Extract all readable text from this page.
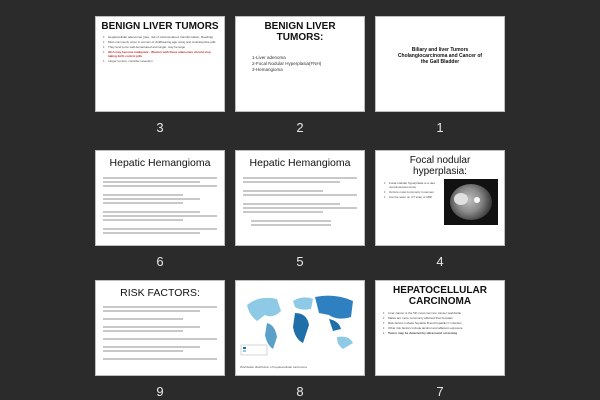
BENIGN LIVER TUMORS
• Hepatocellular adenomas (rare, risk of carcinomatous transformation; bleeding)
• Most commonly occur in women of childbearing age using oral contraceptive pills
• They tend to be well demarcated and single; may be large
• HCA may become malignant - Women with these adenomas should stop taking birth control pills
• Larger tumors; consider resection
3
BENIGN LIVER TUMORS:
1-Liver adenoma
2-Focal Nodular Hyperplasia(FNH)
3-Hemangioma
2
Biliary and liver Tumors Cholangiocarcinoma and Cancer of the Gall Bladder
1
Hepatic Hemangioma
6
Hepatic Hemangioma
5
Focal nodular hyperplasia:
• Focal nodular hyperplasia is a rare noncancerous tumor
• Occurs most commonly in women
• Can be seen on CT scan or MRI
4
RISK FACTORS:
9
Worldwide distribution of hepatocellular carcinoma
8
HEPATOCELLULAR CARCINOMA
• Liver cancer is the 5th most common cancer worldwide
• Males are more commonly affected than females
• Risk factors include hepatitis B and hepatitis C infection
• Other risk factors include alcohol and aflatoxin exposure
• Tumor may be detected by ultrasound screening
7
